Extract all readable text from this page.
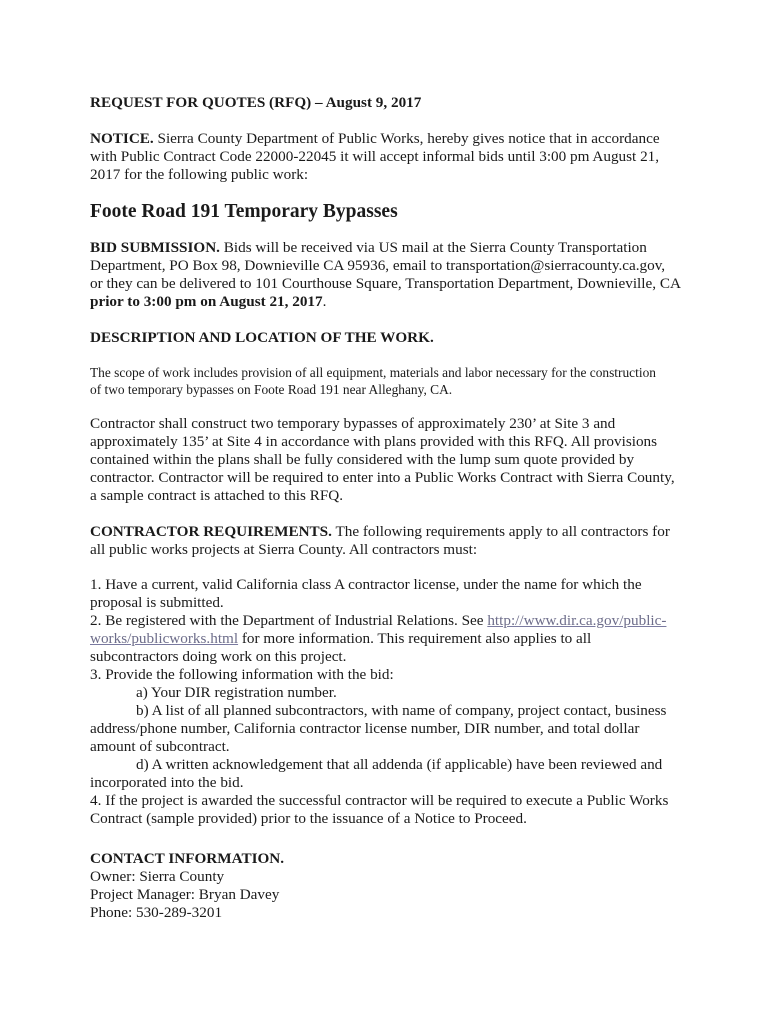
REQUEST FOR QUOTES (RFQ) – August 9, 2017
NOTICE. Sierra County Department of Public Works, hereby gives notice that in accordance
with Public Contract Code 22000-22045 it will accept informal bids until 3:00 pm August 21,
2017 for the following public work:
Foote Road 191 Temporary Bypasses
BID SUBMISSION. Bids will be received via US mail at the Sierra County Transportation
Department, PO Box 98, Downieville CA 95936, email to transportation@sierracounty.ca.gov,
or they can be delivered to 101 Courthouse Square, Transportation Department, Downieville, CA
prior to 3:00 pm on August 21, 2017.
DESCRIPTION AND LOCATION OF THE WORK.
The scope of work includes provision of all equipment, materials and labor necessary for the construction
of two temporary bypasses on Foote Road 191 near Alleghany, CA.
Contractor shall construct two temporary bypasses of approximately 230’ at Site 3 and
approximately 135’ at Site 4 in accordance with plans provided with this RFQ. All provisions
contained within the plans shall be fully considered with the lump sum quote provided by
contractor. Contractor will be required to enter into a Public Works Contract with Sierra County,
a sample contract is attached to this RFQ.
CONTRACTOR REQUIREMENTS. The following requirements apply to all contractors for
all public works projects at Sierra County. All contractors must:
1. Have a current, valid California class A contractor license, under the name for which the
proposal is submitted.
2. Be registered with the Department of Industrial Relations. See http://www.dir.ca.gov/public-
works/publicworks.html for more information. This requirement also applies to all
subcontractors doing work on this project.
3. Provide the following information with the bid:
a) Your DIR registration number.
b) A list of all planned subcontractors, with name of company, project contact, business
address/phone number, California contractor license number, DIR number, and total dollar
amount of subcontract.
d) A written acknowledgement that all addenda (if applicable) have been reviewed and
incorporated into the bid.
4. If the project is awarded the successful contractor will be required to execute a Public Works
Contract (sample provided) prior to the issuance of a Notice to Proceed.
CONTACT INFORMATION.
Owner: Sierra County
Project Manager: Bryan Davey
Phone: 530-289-3201
